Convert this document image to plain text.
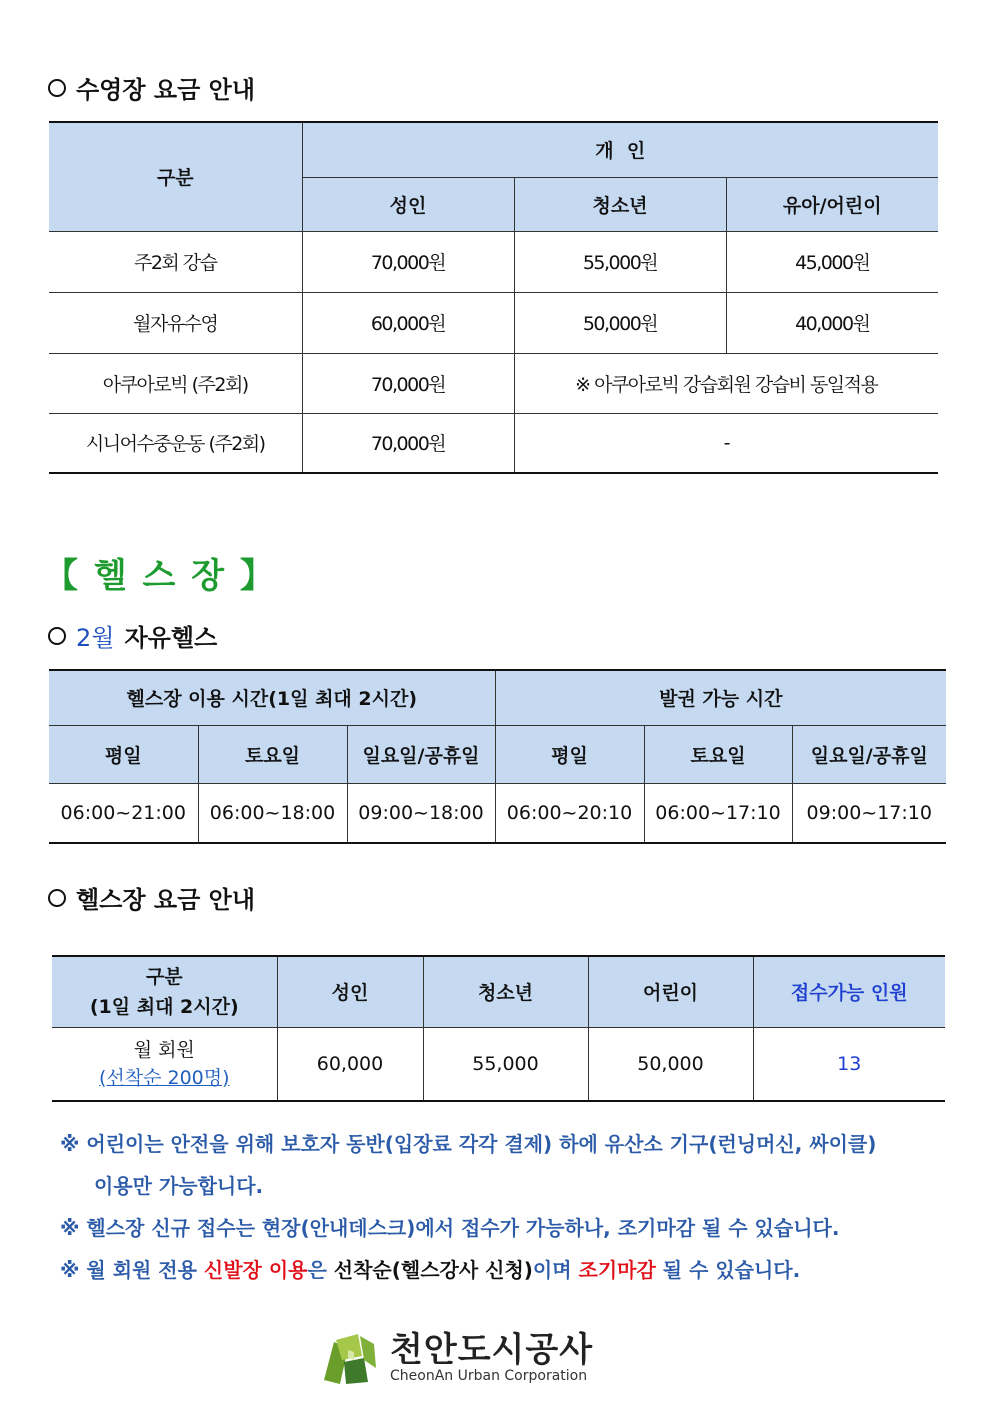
수영장 요금 안내
구분	개  인		
	성인	청소년	유아/어린이
주2회 강습	70,000원	55,000원	45,000원
월자유수영	60,000원	50,000원	40,000원
아쿠아로빅 (주2회)	70,000원	※ 아쿠아로빅 강습회원 강습비 동일적용	
시니어수중운동 (주2회)	70,000원	-	
【 헬 스 장 】
2월 자유헬스
헬스장 이용 시간(1일 최대 2시간)			발권 가능 시간		
평일	토요일	일요일/공휴일	평일	토요일	일요일/공휴일
06:00~21:00	06:00~18:00	09:00~18:00	06:00~20:10	06:00~17:10	09:00~17:10
헬스장 요금 안내
구분
(1일 최대 2시간)	성인	청소년	어린이	접수가능 인원

월 회원
(선착순 200명)	60,000	55,000	50,000	13
※ 어린이는 안전을 위해 보호자 동반(입장료 각각 결제) 하에 유산소 기구(런닝머신, 싸이클)
이용만 가능합니다.
※ 헬스장 신규 접수는 현장(안내데스크)에서 접수가 가능하나, 조기마감 될 수 있습니다.
※ 월 회원 전용 신발장 이용은 선착순(헬스강사 신청)이며 조기마감 될 수 있습니다.
천안도시공사
CheonAn Urban Corporation
